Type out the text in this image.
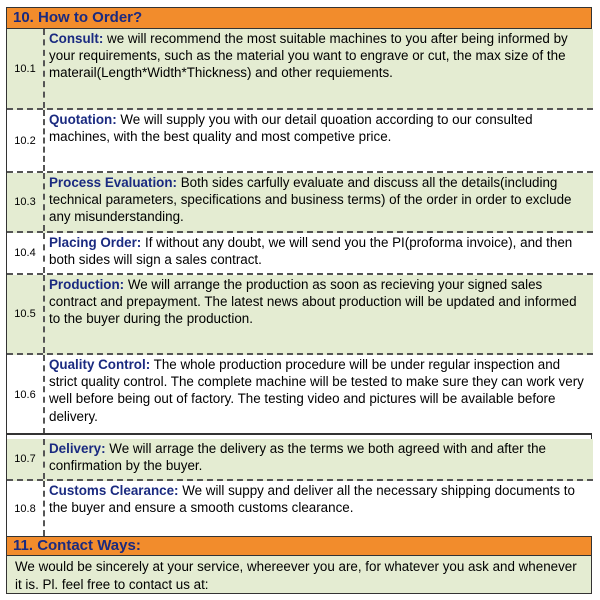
10. How to Order?
10.1
Consult: we will recommend the most suitable machines to you after being informed by your requirements, such as the material you want to engrave or cut, the max size of the materail(Length*Width*Thickness) and other requiements.
10.2
Quotation: We will supply you with our detail quoation according to our consulted machines, with the best quality and most competive price.
10.3
Process Evaluation: Both sides carfully evaluate and discuss all the details(including technical parameters, specifications and business terms) of the order in order to exclude any misunderstanding.
10.4
Placing Order: If without any doubt, we will send you the PI(proforma invoice), and then both sides will sign a sales contract.
10.5
Production: We will arrange the production as soon as recieving your signed sales contract and prepayment. The latest news about production will be updated and informed to the buyer during the production.
10.6
Quality Control: The whole production procedure will be under regular inspection and strict quality control. The complete machine will be tested to make sure they can work very well before being out of factory. The testing video and pictures will be available before delivery.
10.7
Delivery: We will arrage the delivery as the terms we both agreed with and after the confirmation by the buyer.
10.8
Customs Clearance: We will suppy and deliver all the necessary shipping documents to the buyer and ensure a smooth customs clearance.
11. Contact Ways:
We would be sincerely at your service, whereever you are, for whatever you ask and whenever it is. Pl. feel free to contact us at:
